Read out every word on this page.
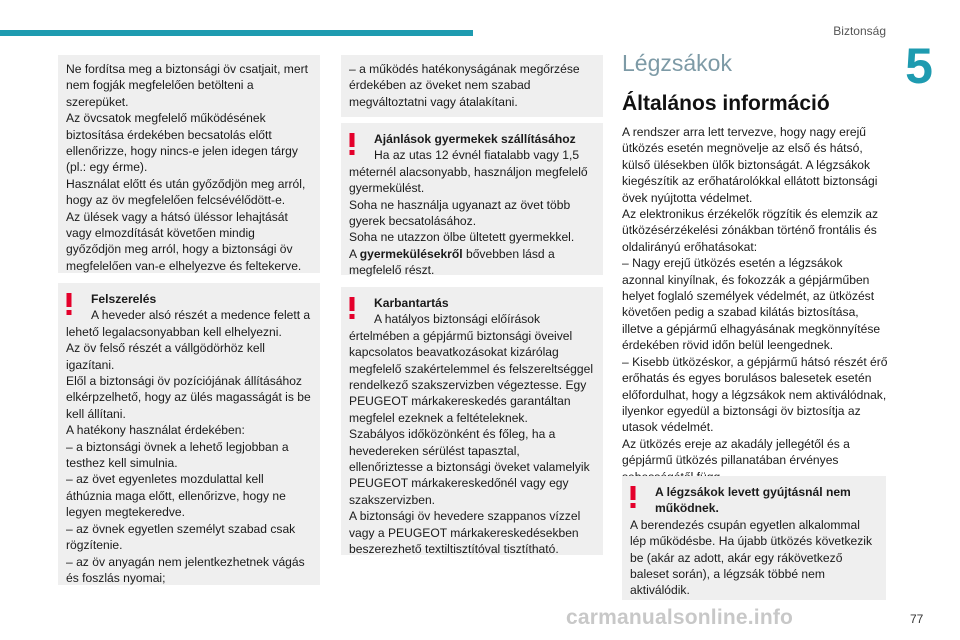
Biztonság
5

Ne fordítsa meg a biztonsági öv csatjait, mert nem fogják megfelelően betölteni a szerepüket.
Az övcsatok megfelelő működésének biztosítása érdekében becsatolás előtt ellenőrizze, hogy nincs-e jelen idegen tárgy (pl.: egy érme).
Használat előtt és után győződjön meg arról, hogy az öv megfelelően felcsévélődött-e.
Az ülések vagy a hátsó üléssor lehajtását vagy elmozdítását követően mindig győződjön meg arról, hogy a biztonsági öv megfelelően van-e elhelyezve és feltekerve.

Felszerelés

A heveder alsó részét a medence felett a

lehető legalacsonyabban kell elhelyezni.
Az öv felső részét a vállgödörhöz kell igazítani.
Elől a biztonsági öv pozíciójának állításához elkérpzelhető, hogy az ülés magasságát is be kell állítani.
A hatékony használat érdekében:
– a biztonsági övnek a lehető legjobban a testhez kell simulnia.
– az övet egyenletes mozdulattal kell áthúznia maga előtt, ellenőrizve, hogy ne legyen megtekeredve.
– az övnek egyetlen személyt szabad csak rögzítenie.
– az öv anyagán nem jelentkezhetnek vágás és foszlás nyomai;

– a működés hatékonyságának megőrzése érdekében az öveket nem szabad megváltoztatni vagy átalakítani.

Ajánlások gyermekek szállításához

Ha az utas 12 évnél fiatalabb vagy 1,5

méternél alacsonyabb, használjon megfelelő gyermekülést.
Soha ne használja ugyanazt az övet több gyerek becsatolásához.
Soha ne utazzon ölbe ültetett gyermekkel.
A gyermekülésekről bővebben lásd a megfelelő részt.

Karbantartás

A hatályos biztonsági előírások

értelmében a gépjármű biztonsági öveivel kapcsolatos beavatkozásokat kizárólag megfelelő szakértelemmel és felszereltséggel rendelkező szakszervizben végeztesse. Egy PEUGEOT márkakereskedés garantáltan megfelel ezeknek a feltételeknek.
Szabályos időközönként és főleg, ha a hevedereken sérülést tapasztal, ellenőriztesse a biztonsági öveket valamelyik PEUGEOT márkakereskedőnél vagy egy szakszervizben.
A biztonsági öv hevedere szappanos vízzel vagy a PEUGEOT márkakereskedésekben beszerezhető textiltisztítóval tisztítható.

Légzsákok
Általános információ

A rendszer arra lett tervezve, hogy nagy erejű ütközés esetén megnövelje az első és hátsó, külső ülésekben ülők biztonságát. A légzsákok kiegészítik az erőhatárolókkal ellátott biztonsági övek nyújtotta védelmet.
Az elektronikus érzékelők rögzítik és elemzik az ütközésérzékelési zónákban történő frontális és oldalirányú erőhatásokat:
– Nagy erejű ütközés esetén a légzsákok azonnal kinyílnak, és fokozzák a gépjárműben helyet foglaló személyek védelmét, az ütközést követően pedig a szabad kilátás biztosítása, illetve a gépjármű elhagyásának megkönnyítése érdekében rövid időn belül leengednek.
– Kisebb ütközéskor, a gépjármű hátsó részét érő erőhatás és egyes borulásos balesetek esetén előfordulhat, hogy a légzsákok nem aktiválódnak, ilyenkor egyedül a biztonsági öv biztosítja az utasok védelmét.
Az ütközés ereje az akadály jellegétől és a gépjármű ütközés pillanatában érvényes

A légzsákok levett gyújtásnál nem
működnek.

A berendezés csupán egyetlen alkalommal lép működésbe. Ha újabb ütközés következik be (akár az adott, akár egy rákövetkező baleset során), a légzsák többé nem aktiválódik.

carmanualsonline.info	77
